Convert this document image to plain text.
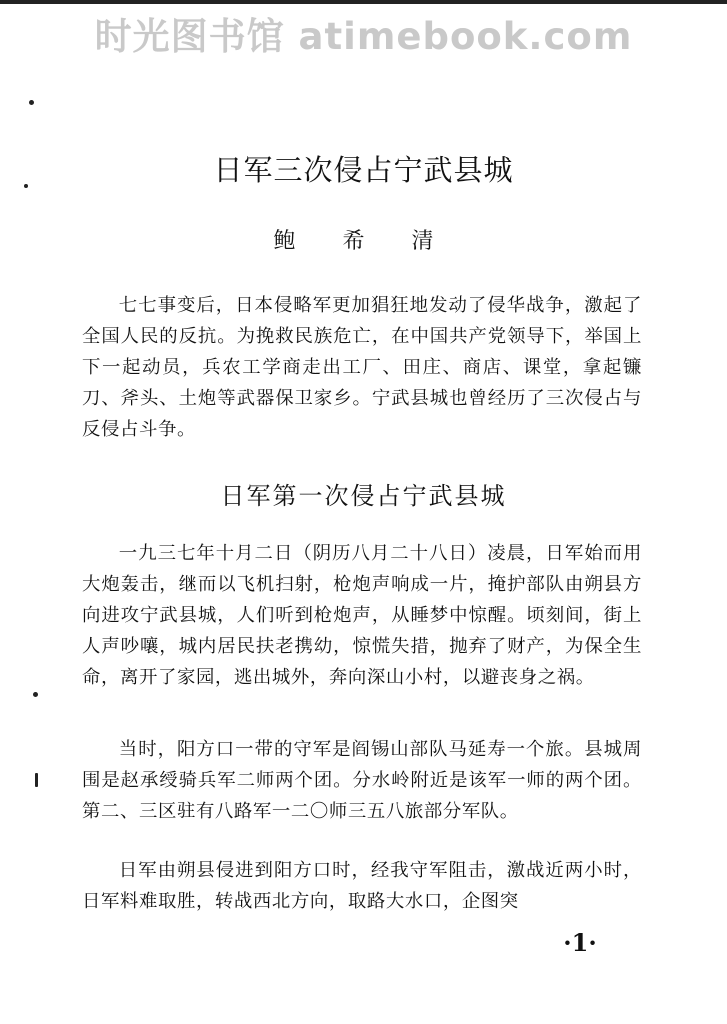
时光图书馆 atimebook.com
日军三次侵占宁武县城
鲍 希 清

七七事变后，日本侵略军更加猖狂地发动了侵华战争，激起了全国人民的反抗。为挽救民族危亡，在中国共产党领导下，举国上下一起动员，兵农工学商走出工厂、田庄、商店、课堂，拿起镰刀、斧头、土炮等武器保卫家乡。宁武县城也曾经历了三次侵占与反侵占斗争。

日军第一次侵占宁武县城

一九三七年十月二日（阴历八月二十八日）凌晨，日军始而用大炮轰击，继而以飞机扫射，枪炮声响成一片，掩护部队由朔县方向进攻宁武县城，人们听到枪炮声，从睡梦中惊醒。顷刻间，街上人声吵嚷，城内居民扶老携幼，惊慌失措，抛弃了财产，为保全生命，离开了家园，逃出城外，奔向深山小村，以避丧身之祸。

当时，阳方口一带的守军是阎锡山部队马延寿一个旅。县城周围是赵承绶骑兵军二师两个团。分水岭附近是该军一师的两个团。第二、三区驻有八路军一二〇师三五八旅部分军队。

日军由朔县侵进到阳方口时，经我守军阻击，激战近两小时，日军料难取胜，转战西北方向，取路大水口，企图突

·1·
